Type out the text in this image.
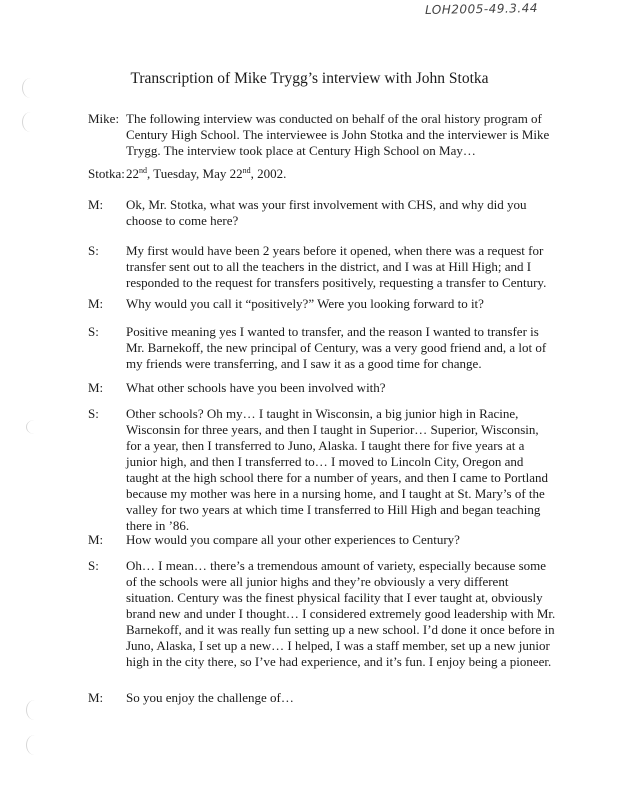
LOH2005-49.3.44
Transcription of Mike Trygg’s interview with John Stotka
Mike: The following interview was conducted on behalf of the oral history program of Century High School. The interviewee is John Stotka and the interviewer is Mike Trygg. The interview took place at Century High School on May…
Stotka: 22nd, Tuesday, May 22nd, 2002.
M: Ok, Mr. Stotka, what was your first involvement with CHS, and why did you choose to come here?
S: My first would have been 2 years before it opened, when there was a request for transfer sent out to all the teachers in the district, and I was at Hill High; and I responded to the request for transfers positively, requesting a transfer to Century.
M: Why would you call it “positively?” Were you looking forward to it?
S: Positive meaning yes I wanted to transfer, and the reason I wanted to transfer is Mr. Barnekoff, the new principal of Century, was a very good friend and, a lot of my friends were transferring, and I saw it as a good time for change.
M: What other schools have you been involved with?
S: Other schools? Oh my… I taught in Wisconsin, a big junior high in Racine, Wisconsin for three years, and then I taught in Superior… Superior, Wisconsin, for a year, then I transferred to Juno, Alaska. I taught there for five years at a junior high, and then I transferred to… I moved to Lincoln City, Oregon and taught at the high school there for a number of years, and then I came to Portland because my mother was here in a nursing home, and I taught at St. Mary’s of the valley for two years at which time I transferred to Hill High and began teaching there in ’86.
M: How would you compare all your other experiences to Century?
S: Oh… I mean… there’s a tremendous amount of variety, especially because some of the schools were all junior highs and they’re obviously a very different situation. Century was the finest physical facility that I ever taught at, obviously brand new and under I thought… I considered extremely good leadership with Mr. Barnekoff, and it was really fun setting up a new school. I’d done it once before in Juno, Alaska, I set up a new… I helped, I was a staff member, set up a new junior high in the city there, so I’ve had experience, and it’s fun. I enjoy being a pioneer.
M: So you enjoy the challenge of…
